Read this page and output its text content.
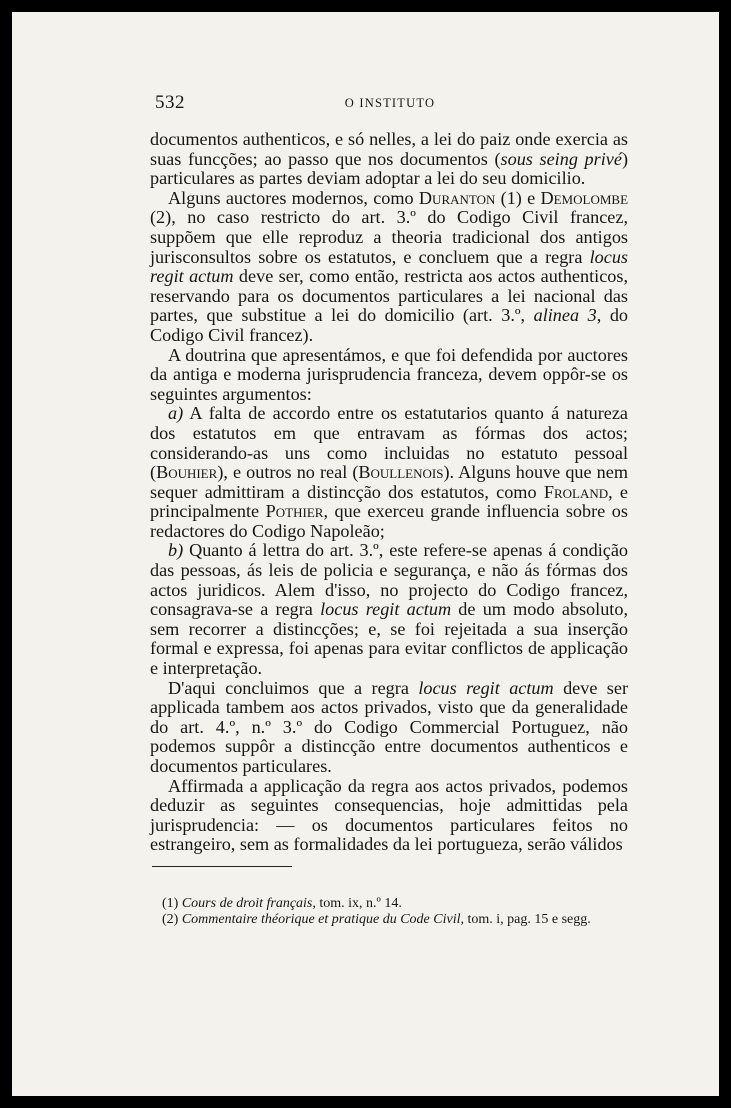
532	O INSTITUTO

documentos authenticos, e só nelles, a lei do paiz onde exercia as suas funcções; ao passo que nos documentos (sous seing privé) particulares as partes deviam adoptar a lei do seu domicilio.

Alguns auctores modernos, como Duranton (1) e Demolombe (2), no caso restricto do art. 3.º do Codigo Civil francez, suppõem que elle reproduz a theoria tradicional dos antigos jurisconsultos sobre os estatutos, e concluem que a regra locus regit actum deve ser, como então, restricta aos actos authenticos, reservando para os documentos particulares a lei nacional das partes, que substitue a lei do domicilio (art. 3.º, alinea 3, do Codigo Civil francez).

A doutrina que apresentámos, e que foi defendida por auctores da antiga e moderna jurisprudencia franceza, devem oppôr-se os seguintes argumentos:

a) A falta de accordo entre os estatutarios quanto á natureza dos estatutos em que entravam as fórmas dos actos; considerando-as uns como incluidas no estatuto pessoal (Bouhier), e outros no real (Boullenois). Alguns houve que nem sequer admittiram a distincção dos estatutos, como Froland, e principalmente Pothier, que exerceu grande influencia sobre os redactores do Codigo Napoleão;

b) Quanto á lettra do art. 3.º, este refere-se apenas á condição das pessoas, ás leis de policia e segurança, e não ás fórmas dos actos juridicos. Alem d'isso, no projecto do Codigo francez, consagrava-se a regra locus regit actum de um modo absoluto, sem recorrer a distincções; e, se foi rejeitada a sua inserção formal e expressa, foi apenas para evitar conflictos de applicação e interpretação.

D'aqui concluimos que a regra locus regit actum deve ser applicada tambem aos actos privados, visto que da generalidade do art. 4.º, n.º 3.º do Codigo Commercial Portuguez, não podemos suppôr a distincção entre documentos authenticos e documentos particulares.

Affirmada a applicação da regra aos actos privados, podemos deduzir as seguintes consequencias, hoje admittidas pela jurisprudencia: — os documentos particulares feitos no estrangeiro, sem as formalidades da lei portugueza, serão válidos

(1) Cours de droit français, tom. ix, n.º 14.

(2) Commentaire théorique et pratique du Code Civil, tom. i, pag. 15 e segg.
